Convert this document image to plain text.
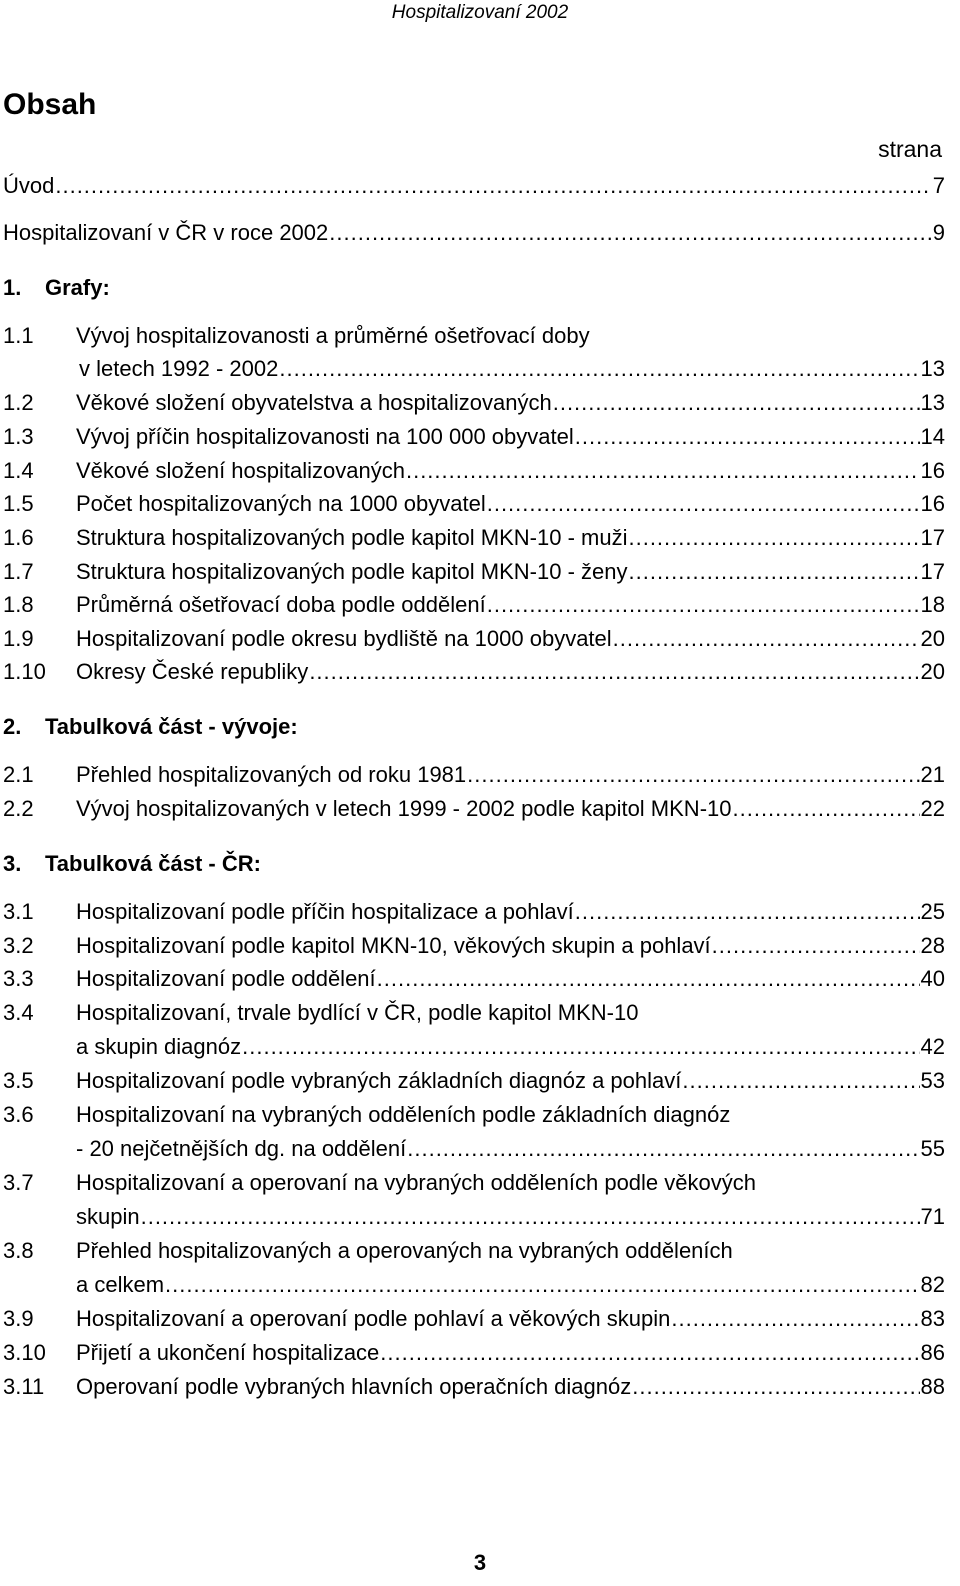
Hospitalizovaní 2002
Obsah
strana
Úvod .....	7
Hospitalizovaní v ČR v roce 2002 .....	9
1.	Grafy:
1.1	Vývoj hospitalizovanosti a průměrné ošetřovací doby
v letech 1992 - 2002 .....	13
1.2	Věkové složení obyvatelstva a hospitalizovaných .....	13
1.3	Vývoj příčin hospitalizovanosti na 100 000 obyvatel .....	14
1.4	Věkové složení hospitalizovaných .....	16
1.5	Počet hospitalizovaných na 1000 obyvatel .....	16
1.6	Struktura hospitalizovaných podle kapitol MKN-10 - muži .....	17
1.7	Struktura hospitalizovaných podle kapitol MKN-10 - ženy .....	17
1.8	Průměrná ošetřovací doba podle oddělení .....	18
1.9	Hospitalizovaní podle okresu bydliště na 1000 obyvatel .....	20
1.10	Okresy České republiky .....	20
2.	Tabulková část - vývoje:
2.1	Přehled hospitalizovaných od roku 1981 .....	21
2.2	Vývoj hospitalizovaných v letech 1999 - 2002 podle kapitol MKN-10 .....	22
3.	Tabulková část - ČR:
3.1	Hospitalizovaní podle příčin hospitalizace a pohlaví .....	25
3.2	Hospitalizovaní podle kapitol MKN-10, věkových skupin a pohlaví .....	28
3.3	Hospitalizovaní podle oddělení .....	40
3.4	Hospitalizovaní, trvale bydlící v ČR, podle kapitol MKN-10
a skupin diagnóz .....	42
3.5	Hospitalizovaní podle vybraných základních diagnóz a pohlaví .....	53
3.6	Hospitalizovaní na vybraných odděleních podle základních diagnóz
- 20 nejčetnějších dg. na oddělení .....	55
3.7	Hospitalizovaní a operovaní na vybraných odděleních podle věkových
skupin .....	71
3.8	Přehled hospitalizovaných a operovaných na vybraných odděleních
a celkem .....	82
3.9	Hospitalizovaní a operovaní podle pohlaví a věkových skupin .....	83
3.10	Přijetí a ukončení hospitalizace .....	86
3.11	Operovaní podle vybraných hlavních operačních diagnóz .....	88
3
